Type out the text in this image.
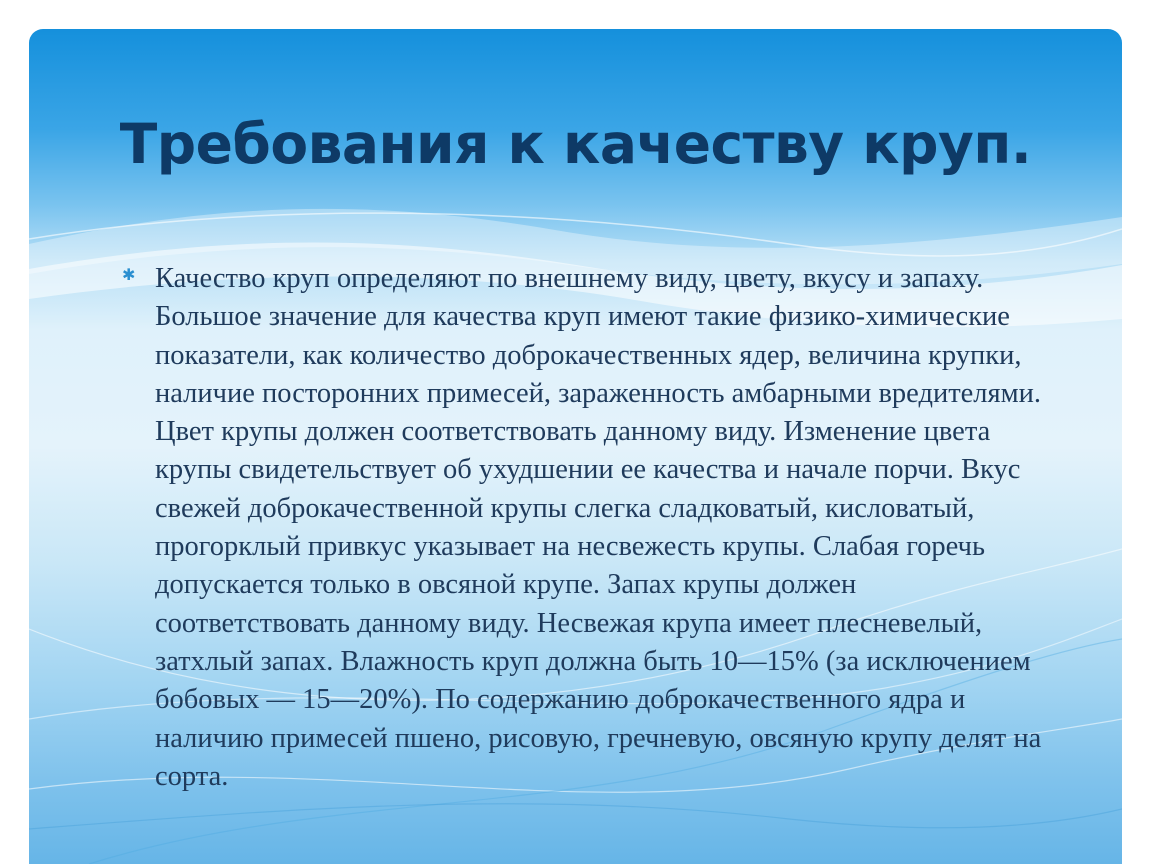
Требования к качеству круп.
✱ Качество круп определяют по внешнему виду, цвету, вкусу и запаху. Большое значение для качества круп имеют такие физико-химические показатели, как количество доброкачественных ядер, величина крупки, наличие посторонних примесей, зараженность амбарными вредителями. Цвет крупы должен соответствовать данному виду. Изменение цвета крупы свидетельствует об ухудшении ее качества и начале порчи. Вкус свежей доброкачественной крупы слегка сладковатый, кисловатый, прогорклый привкус указывает на несвежесть крупы. Слабая горечь допускается только в овсяной крупе. Запах крупы должен соответствовать данному виду. Несвежая крупа имеет плесневелый, затхлый запах. Влажность круп должна быть 10—15% (за исключением бобовых — 15—20%). По содержанию доброкачественного ядра и наличию примесей пшено, рисовую, гречневую, овсяную крупу делят на сорта.
